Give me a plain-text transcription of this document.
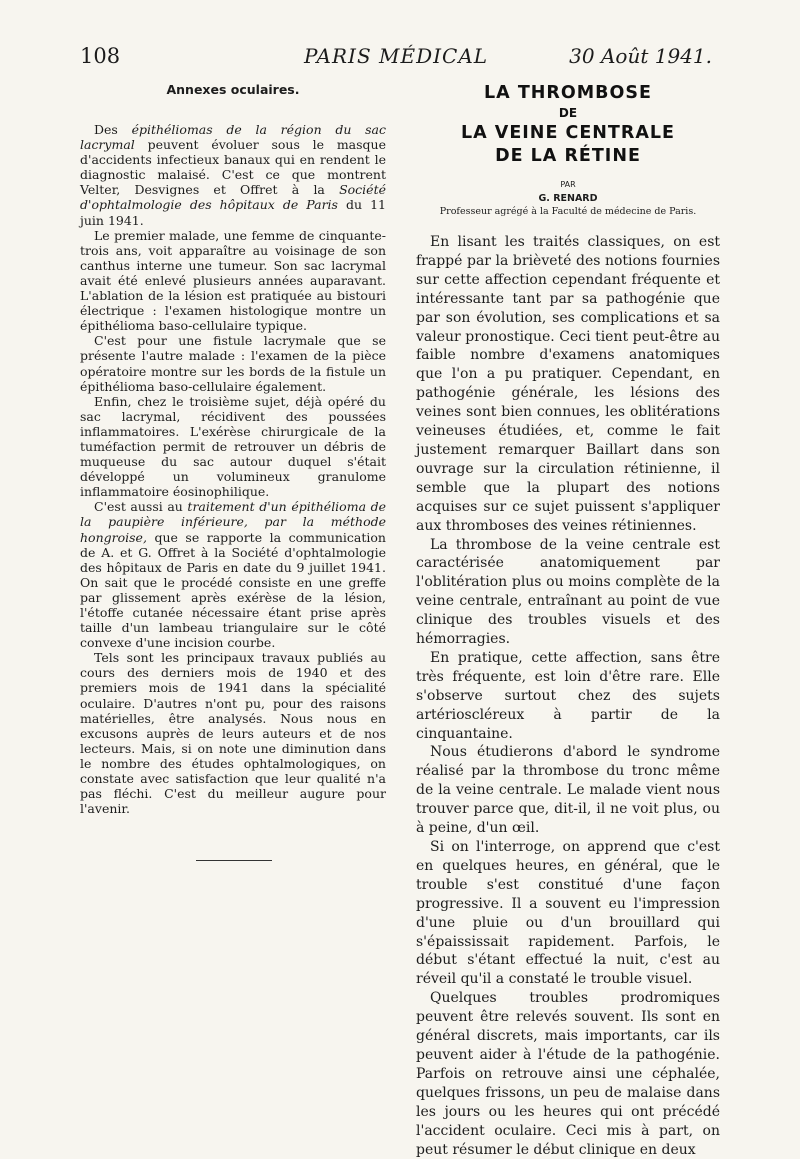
108	PARIS MÉDICAL	30 Août 1941.

Annexes oculaires.

Des épithéliomas de la région du sac lacrymal peuvent évoluer sous le masque d'accidents infectieux banaux qui en rendent le diagnostic malaisé. C'est ce que montrent Velter, Desvignes et Offret à la Société d'ophtalmologie des hôpitaux de Paris du 11 juin 1941.

Le premier malade, une femme de cinquante-trois ans, voit apparaître au voisinage de son canthus interne une tumeur. Son sac lacrymal avait été enlevé plusieurs années auparavant. L'ablation de la lésion est pratiquée au bistouri électrique : l'examen histologique montre un épithélioma baso-cellulaire typique.

C'est pour une fistule lacrymale que se présente l'autre malade : l'examen de la pièce opératoire montre sur les bords de la fistule un épithélioma baso-cellulaire également.

Enfin, chez le troisième sujet, déjà opéré du sac lacrymal, récidivent des poussées inflammatoires. L'exérèse chirurgicale de la tuméfaction permit de retrouver un débris de muqueuse du sac autour duquel s'était développé un volumineux granulome inflammatoire éosinophilique.

C'est aussi au traitement d'un épithélioma de la paupière inférieure, par la méthode hongroise, que se rapporte la communication de A. et G. Offret à la Société d'ophtalmologie des hôpitaux de Paris en date du 9 juillet 1941. On sait que le procédé consiste en une greffe par glissement après exérèse de la lésion, l'étoffe cutanée nécessaire étant prise après taille d'un lambeau triangulaire sur le côté convexe d'une incision courbe.

Tels sont les principaux travaux publiés au cours des derniers mois de 1940 et des premiers mois de 1941 dans la spécialité oculaire. D'autres n'ont pu, pour des raisons matérielles, être analysés. Nous nous en excusons auprès de leurs auteurs et de nos lecteurs. Mais, si on note une diminution dans le nombre des études ophtalmologiques, on constate avec satisfaction que leur qualité n'a pas fléchi. C'est du meilleur augure pour l'avenir.

LA THROMBOSE

DE

LA VEINE CENTRALE

DE LA RÉTINE

PAR

G. RENARD

Professeur agrégé à la Faculté de médecine de Paris.

En lisant les traités classiques, on est frappé par la brièveté des notions fournies sur cette affection cependant fréquente et intéressante tant par sa pathogénie que par son évolution, ses complications et sa valeur pronostique. Ceci tient peut-être au faible nombre d'examens anatomiques que l'on a pu pratiquer. Cependant, en pathogénie générale, les lésions des veines sont bien connues, les oblitérations veineuses étudiées, et, comme le fait justement remarquer Baillart dans son ouvrage sur la circulation rétinienne, il semble que la plupart des notions acquises sur ce sujet puissent s'appliquer aux thromboses des veines rétiniennes.

La thrombose de la veine centrale est caractérisée anatomiquement par l'oblitération plus ou moins complète de la veine centrale, entraînant au point de vue clinique des troubles visuels et des hémorragies.

En pratique, cette affection, sans être très fréquente, est loin d'être rare. Elle s'observe surtout chez des sujets artérioscléreux à partir de la cinquantaine.

Nous étudierons d'abord le syndrome réalisé par la thrombose du tronc même de la veine centrale. Le malade vient nous trouver parce que, dit-il, il ne voit plus, ou à peine, d'un œil.

Si on l'interroge, on apprend que c'est en quelques heures, en général, que le trouble s'est constitué d'une façon progressive. Il a souvent eu l'impression d'une pluie ou d'un brouillard qui s'épaississait rapidement. Parfois, le début s'étant effectué la nuit, c'est au réveil qu'il a constaté le trouble visuel.

Quelques troubles prodromiques peuvent être relevés souvent. Ils sont en général discrets, mais importants, car ils peuvent aider à l'étude de la pathogénie. Parfois on retrouve ainsi une céphalée, quelques frissons, un peu de malaise dans les jours ou les heures qui ont précédé l'accident oculaire. Ceci mis à part, on peut résumer le début clinique en deux
